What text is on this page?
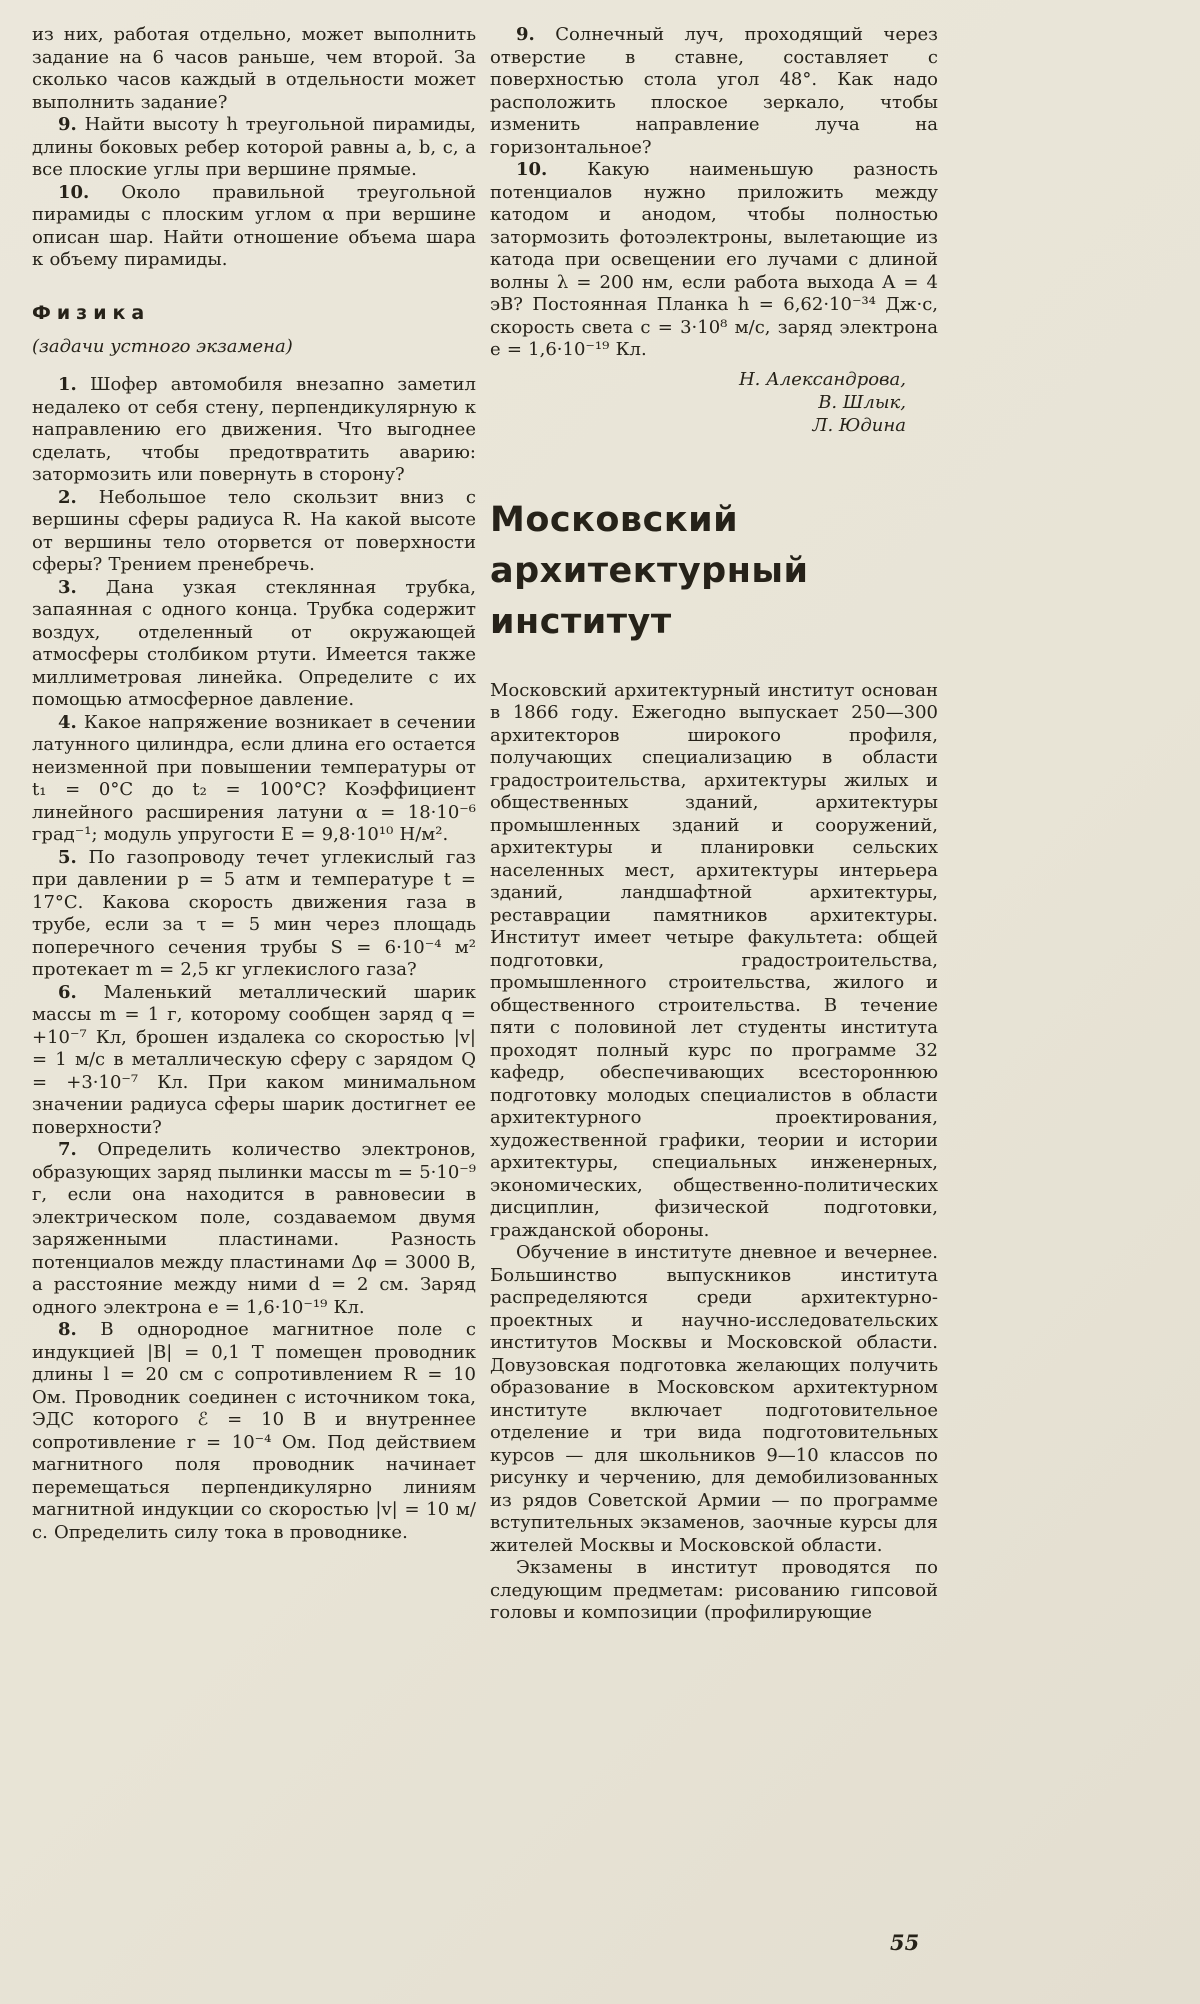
из них, работая отдельно, может выполнить задание на 6 часов раньше, чем второй. За сколько часов каждый в отдельности может выполнить задание?

9. Найти высоту h треугольной пирамиды, длины боковых ребер которой равны a, b, c, а все плоские углы при вершине прямые.

10. Около правильной треугольной пирамиды с плоским углом α при вершине описан шар. Найти отношение объема шара к объему пирамиды.

Физика

(задачи устного экзамена)

1. Шофер автомобиля внезапно заметил недалеко от себя стену, перпендикулярную к направлению его движения. Что выгоднее сделать, чтобы предотвратить аварию: затормозить или повернуть в сторону?

2. Небольшое тело скользит вниз с вершины сферы радиуса R. На какой высоте от вершины тело оторвется от поверхности сферы? Трением пренебречь.

3. Дана узкая стеклянная трубка, запаянная с одного конца. Трубка содержит воздух, отделенный от окружающей атмосферы столбиком ртути. Имеется также миллиметровая линейка. Определите с их помощью атмосферное давление.

4. Какое напряжение возникает в сечении латунного цилиндра, если длина его остается неизменной при повышении температуры от t₁ = 0°С до t₂ = 100°С? Коэффициент линейного расширения латуни α = 18·10⁻⁶ град⁻¹; модуль упругости E = 9,8·10¹⁰ Н/м².

5. По газопроводу течет углекислый газ при давлении p = 5 атм и температуре t = 17°С. Какова скорость движения газа в трубе, если за τ = 5 мин через площадь поперечного сечения трубы S = 6·10⁻⁴ м² протекает m = 2,5 кг углекислого газа?

6. Маленький металлический шарик массы m = 1 г, которому сообщен заряд q = +10⁻⁷ Кл, брошен издалека со скоростью |v| = 1 м/с в металлическую сферу с зарядом Q = +3·10⁻⁷ Кл. При каком минимальном значении радиуса сферы шарик достигнет ее поверхности?

7. Определить количество электронов, образующих заряд пылинки массы m = 5·10⁻⁹ г, если она находится в равновесии в электрическом поле, создаваемом двумя заряженными пластинами. Разность потенциалов между пластинами Δφ = 3000 В, а расстояние между ними d = 2 см. Заряд одного электрона e = 1,6·10⁻¹⁹ Кл.

8. В однородное магнитное поле с индукцией |B| = 0,1 Т помещен проводник длины l = 20 см с сопротивлением R = 10 Ом. Проводник соединен с источником тока, ЭДС которого ℰ = 10 В и внутреннее сопротивление r = 10⁻⁴ Ом. Под действием магнитного поля проводник начинает перемещаться перпендикулярно линиям магнитной индукции со скоростью |v| = 10 м/с. Определить силу тока в проводнике.

9. Солнечный луч, проходящий через отверстие в ставне, составляет с поверхностью стола угол 48°. Как надо расположить плоское зеркало, чтобы изменить направление луча на горизонтальное?

10. Какую наименьшую разность потенциалов нужно приложить между катодом и анодом, чтобы полностью затормозить фотоэлектроны, вылетающие из катода при освещении его лучами с длиной волны λ = 200 нм, если работа выхода A = 4 эВ? Постоянная Планка h = 6,62·10⁻³⁴ Дж·с, скорость света c = 3·10⁸ м/с, заряд электрона e = 1,6·10⁻¹⁹ Кл.

Н. Александрова,
В. Шлык,
Л. Юдина
Московский
архитектурный
институт

Московский архитектурный институт основан в 1866 году. Ежегодно выпускает 250—300 архитекторов широкого профиля, получающих специализацию в области градостроительства, архитектуры жилых и общественных зданий, архитектуры промышленных зданий и сооружений, архитектуры и планировки сельских населенных мест, архитектуры интерьера зданий, ландшафтной архитектуры, реставрации памятников архитектуры. Институт имеет четыре факультета: общей подготовки, градостроительства, промышленного строительства, жилого и общественного строительства. В течение пяти с половиной лет студенты института проходят полный курс по программе 32 кафедр, обеспечивающих всестороннюю подготовку молодых специалистов в области архитектурного проектирования, художественной графики, теории и истории архитектуры, специальных инженерных, экономических, общественно-политических дисциплин, физической подготовки, гражданской обороны.

Обучение в институте дневное и вечернее. Большинство выпускников института распределяются среди архитектурно-проектных и научно-исследовательских институтов Москвы и Московской области. Довузовская подготовка желающих получить образование в Московском архитектурном институте включает подготовительное отделение и три вида подготовительных курсов — для школьников 9—10 классов по рисунку и черчению, для демобилизованных из рядов Советской Армии — по программе вступительных экзаменов, заочные курсы для жителей Москвы и Московской области.

Экзамены в институт проводятся по следующим предметам: рисованию гипсовой головы и композиции (профилирующие

55
